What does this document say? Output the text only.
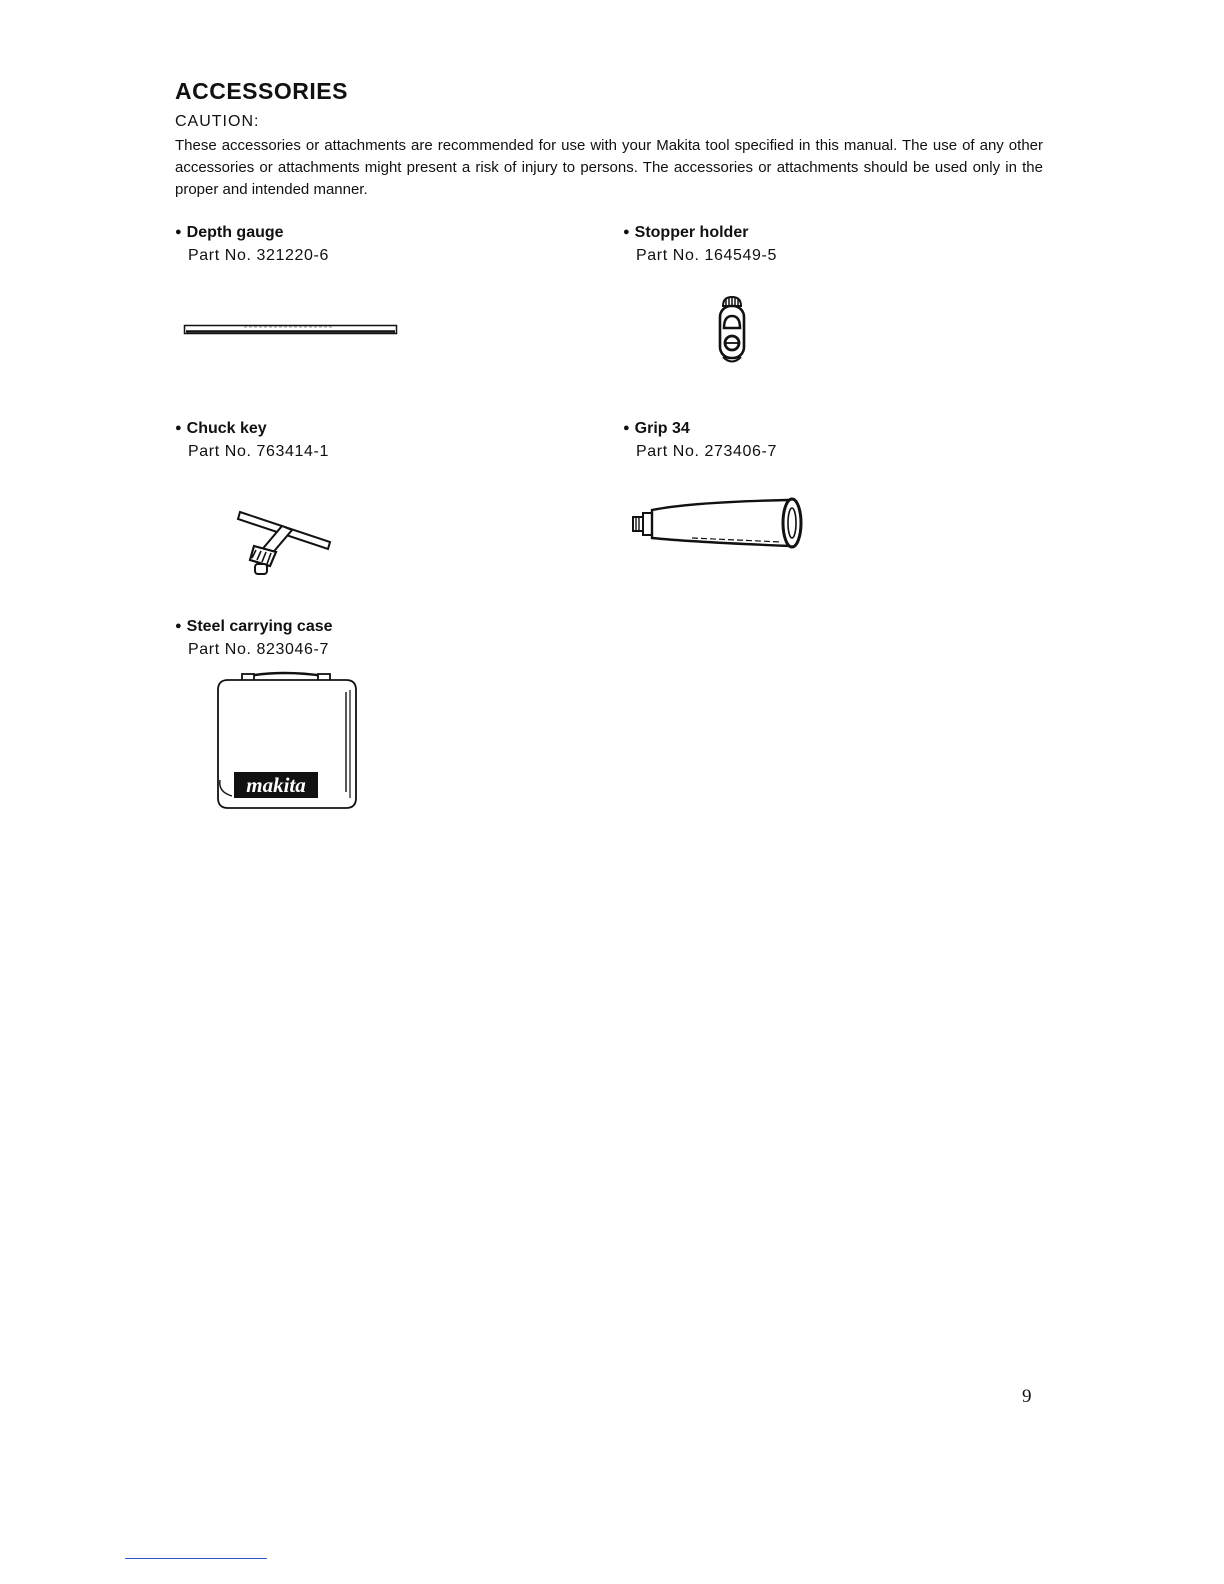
ACCESSORIES
CAUTION:
These accessories or attachments are recommended for use with your Makita tool specified in this manual. The use of any other accessories or attachments might present a risk of injury to persons. The accessories or attachments should be used only in the proper and intended manner.
● Depth gauge
Part No. 321220-6
● Stopper holder
Part No. 164549-5
● Chuck key
Part No. 763414-1
● Grip 34
Part No. 273406-7
● Steel carrying case
Part No. 823046-7
makita
9
